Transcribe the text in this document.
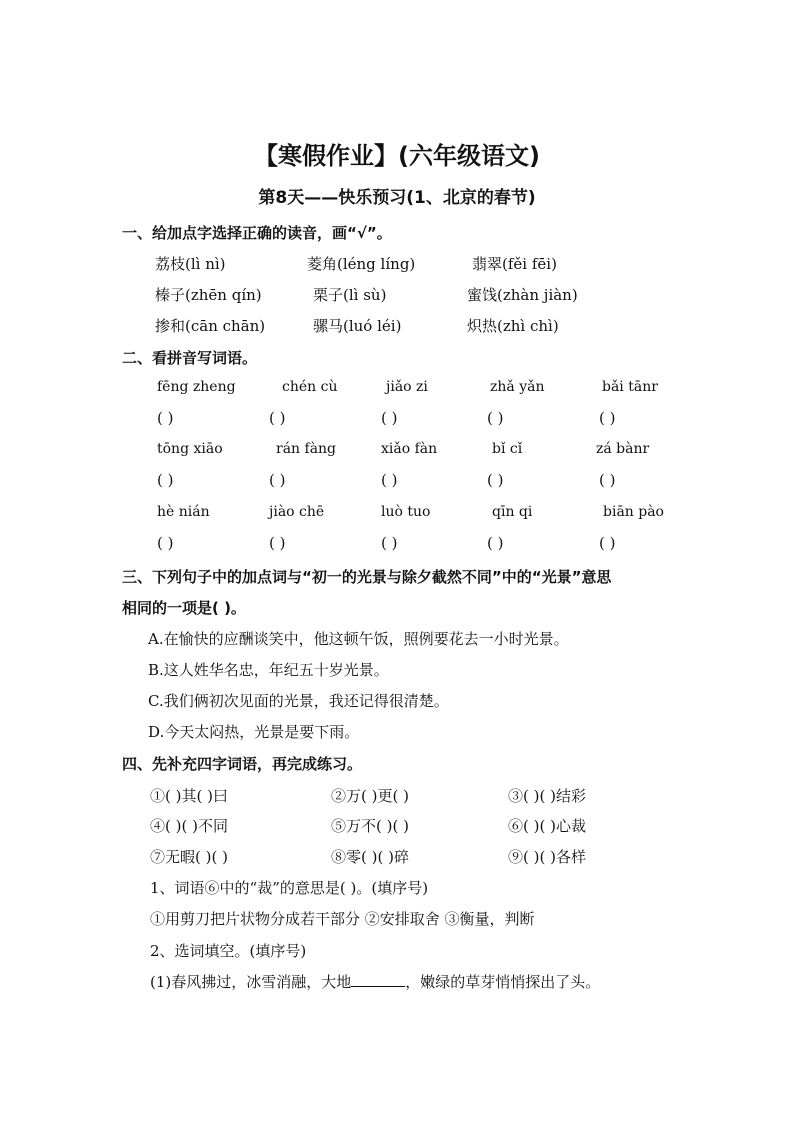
【寒假作业】(六年级语文)
第8天——快乐预习(1、北京的春节)
一、给加点字选择正确的读音，画“√”。
荔枝(lì nì)	菱角(léng líng)	翡翠(fěi fēi)
榛子(zhēn qín)	栗子(lì sù)	蜜饯(zhàn jiàn)
掺和(cān chān)	骡马(luó léi)	炽热(zhì chì)
二、看拼音写词语。
fēng zheng	chén cù	jiǎo zi	zhǎ yǎn	bǎi tānr
( )	( )	( )	( )	( )
tōng xiāo	rán fàng	xiǎo fàn	bǐ cǐ	zá bànr
( )	( )	( )	( )	( )
hè nián	jiào chē	luò tuo	qīn qi	biān pào
( )	( )	( )	( )	( )
三、下列句子中的加点词与“初一的光景与除夕截然不同”中的“光景”意思
相同的一项是( )。
A.在愉快的应酬谈笑中，他这顿午饭，照例要花去一小时光景。
B.这人姓华名忠，年纪五十岁光景。
C.我们俩初次见面的光景，我还记得很清楚。
D.今天太闷热，光景是要下雨。
四、先补充四字词语，再完成练习。
①( )其( )曰	②万( )更( )	③( )( )结彩
④( )( )不同	⑤万不( )( )	⑥( )( )心裁
⑦无暇( )( )	⑧零( )( )碎	⑨( )( )各样
1、词语⑥中的“裁”的意思是( )。(填序号)
①用剪刀把片状物分成若干部分 ②安排取舍 ③衡量，判断
2、选词填空。(填序号)
(1)春风拂过，冰雪消融，大地	，嫩绿的草芽悄悄探出了头。
